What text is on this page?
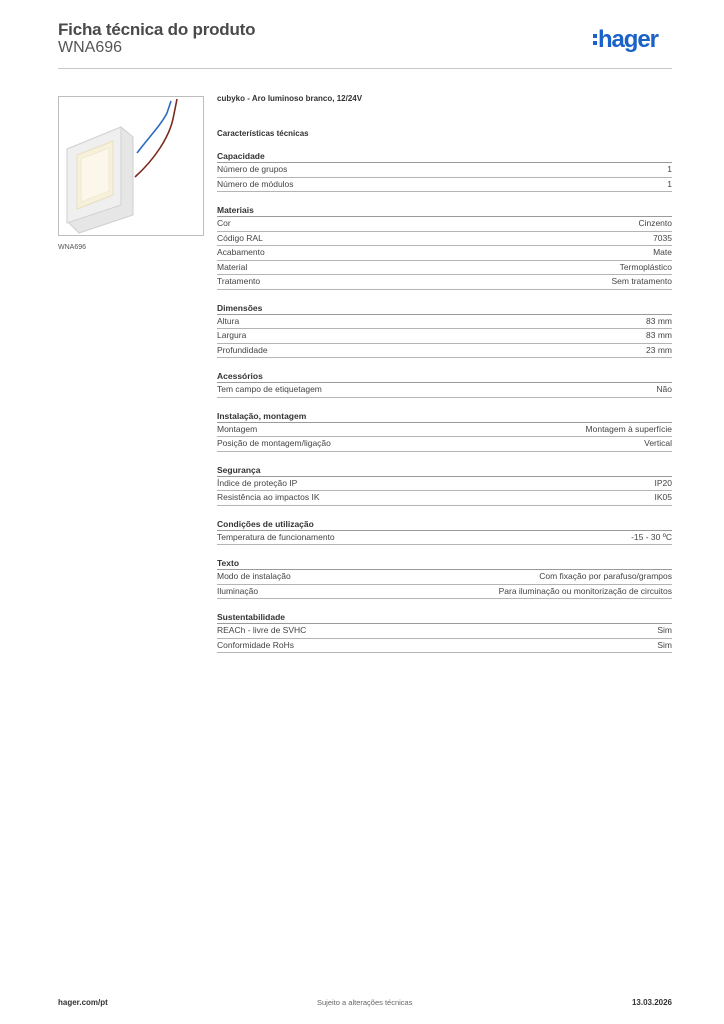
Ficha técnica do produto
WNA696	hager
WNA696
cubyko - Aro luminoso branco, 12/24V
Características técnicas
Capacidade
Número de grupos	1
Número de módulos	1
Materiais
Cor	Cinzento
Código RAL	7035
Acabamento	Mate
Material	Termoplástico
Tratamento	Sem tratamento
Dimensões
Altura	83 mm
Largura	83 mm
Profundidade	23 mm
Acessórios
Tem campo de etiquetagem	Não
Instalação, montagem
Montagem	Montagem à superfície
Posição de montagem/ligação	Vertical
Segurança
Índice de proteção IP	IP20
Resistência ao impactos IK	IK05
Condições de utilização
Temperatura de funcionamento	-15 - 30 ºC
Texto
Modo de instalação	Com fixação por parafuso/grampos
Iluminação	Para iluminação ou monitorização de circuitos
Sustentabilidade
REACh - livre de SVHC	Sim
Conformidade RoHs	Sim
hager.com/pt	Sujeito a alterações técnicas	13.03.2026
